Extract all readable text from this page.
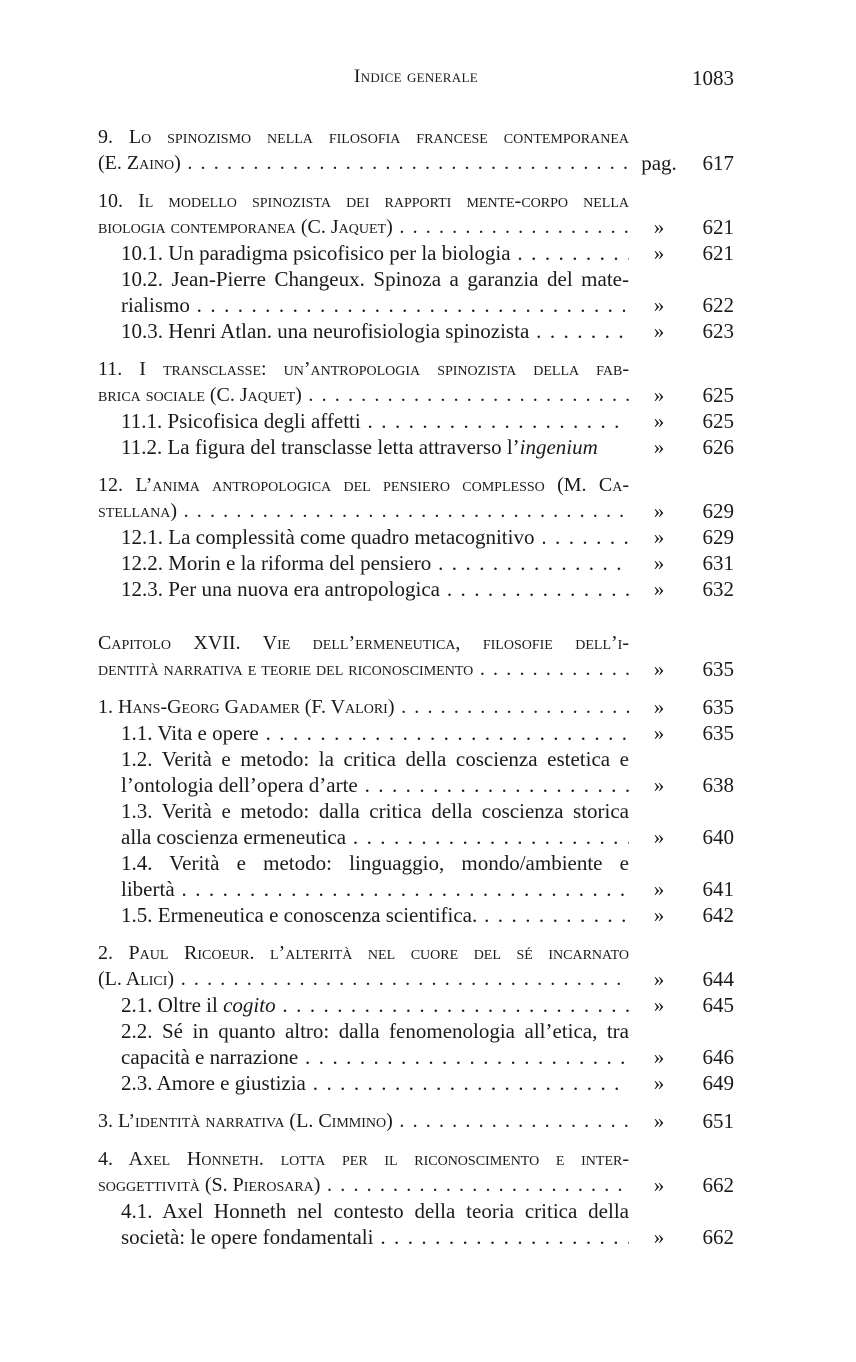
Indice generale	1083
9. Lo spinozismo nella filosofia francese contemporanea
(E. Zaino) . . .	pag.	617
10. Il modello spinozista dei rapporti mente-corpo nella
biologia contemporanea (C. Jaquet) . . .	»	621
10.1. Un paradigma psicofisico per la biologia . . .	»	621
10.2. Jean-Pierre Changeux. Spinoza a garanzia del mate-
rialismo . . .	»	622
10.3. Henri Atlan. una neurofisiologia spinozista . . .	»	623
11. I transclasse: un’antropologia spinozista della fab-
brica sociale (C. Jaquet) . . .	»	625
11.1. Psicofisica degli affetti . . .	»	625
11.2. La figura del transclasse letta attraverso l’ingenium	»	626
12. L’anima antropologica del pensiero complesso (M. Ca-
stellana) . . .	»	629
12.1. La complessità come quadro metacognitivo . . .	»	629
12.2. Morin e la riforma del pensiero . . .	»	631
12.3. Per una nuova era antropologica . . .	»	632
Capitolo XVII. Vie dell’ermeneutica, filosofie dell’i-
dentità narrativa e teorie del riconoscimento . . .	»	635
1. Hans-Georg Gadamer (F. Valori) . . .	»	635
1.1. Vita e opere . . .	»	635
1.2. Verità e metodo: la critica della coscienza estetica e
l’ontologia dell’opera d’arte . . .	»	638
1.3. Verità e metodo: dalla critica della coscienza storica
alla coscienza ermeneutica . . .	»	640
1.4. Verità e metodo: linguaggio, mondo/ambiente e
libertà . . .	»	641
1.5. Ermeneutica e conoscenza scientifica. . . .	»	642
2. Paul Ricoeur. l’alterità nel cuore del sé incarnato
(L. Alici) . . .	»	644
2.1. Oltre il cogito . . .	»	645
2.2. Sé in quanto altro: dalla fenomenologia all’etica, tra
capacità e narrazione . . .	»	646
2.3. Amore e giustizia . . .	»	649
3. L’identità narrativa (L. Cimmino) . . .	»	651
4. Axel Honneth. lotta per il riconoscimento e inter-
soggettività (S. Pierosara) . . .	»	662
4.1. Axel Honneth nel contesto della teoria critica della
società: le opere fondamentali . . .	»	662
